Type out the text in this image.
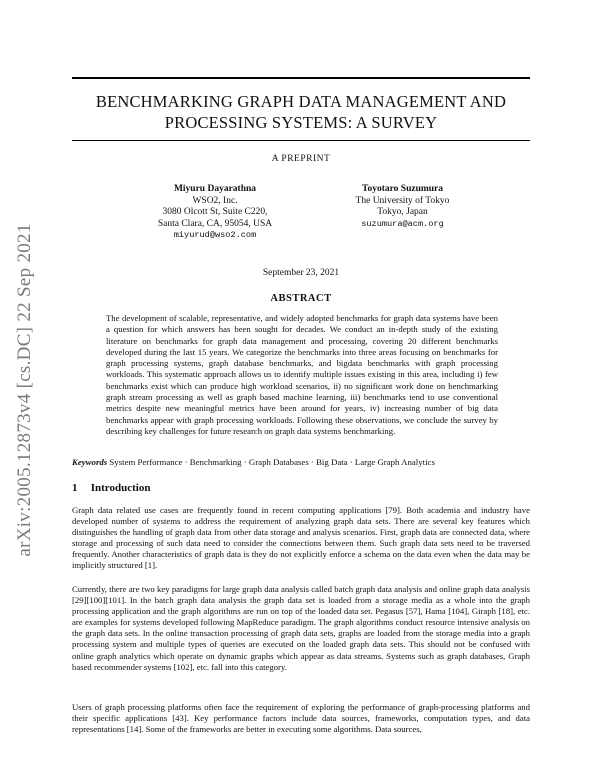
arXiv:2005.12873v4 [cs.DC] 22 Sep 2021
BENCHMARKING GRAPH DATA MANAGEMENT AND
PROCESSING SYSTEMS: A SURVEY
A PREPRINT
Miyuru Dayarathna
WSO2, Inc.
3080 Olcott St, Suite C220,
Santa Clara, CA, 95054, USA
miyurud@wso2.com
Toyotaro Suzumura
The University of Tokyo
Tokyo, Japan
suzumura@acm.org
September 23, 2021
ABSTRACT

The development of scalable, representative, and widely adopted benchmarks for graph data systems have been a question for which answers has been sought for decades. We conduct an in-depth study of the existing literature on benchmarks for graph data management and processing, covering 20 different benchmarks developed during the last 15 years. We categorize the benchmarks into three areas focusing on benchmarks for graph processing systems, graph database benchmarks, and bigdata benchmarks with graph processing workloads. This systematic approach allows us to identify multiple issues existing in this area, including i) few benchmarks exist which can produce high workload scenarios, ii) no significant work done on benchmarking graph stream processing as well as graph based machine learning, iii) benchmarks tend to use conventional metrics despite new meaningful metrics have been around for years, iv) increasing number of big data benchmarks appear with graph processing workloads. Following these observations, we conclude the survey by describing key challenges for future research on graph data systems benchmarking.

Keywords System Performance · Benchmarking · Graph Databases · Big Data · Large Graph Analytics

1 Introduction

Graph data related use cases are frequently found in recent computing applications [79]. Both academia and industry have developed number of systems to address the requirement of analyzing graph data sets. There are several key features which distinguishes the handling of graph data from other data storage and analysis scenarios. First, graph data are connected data, where storage and processing of such data need to consider the connections between them. Such graph data sets need to be traversed frequently. Another characteristics of graph data is they do not explicitly enforce a schema on the data even when the data may be implicitly structured [1].

Currently, there are two key paradigms for large graph data analysis called batch graph data analysis and online graph data analysis [29][100][101]. In the batch graph data analysis the graph data set is loaded from a storage media as a whole into the graph processing application and the graph algorithms are run on top of the loaded data set. Pegasus [57], Hama [104], Giraph [18], etc. are examples for systems developed following MapReduce paradigm. The graph algorithms conduct resource intensive analysis on the graph data sets. In the online transaction processing of graph data sets, graphs are loaded from the storage media into a graph processing system and multiple types of queries are executed on the loaded graph data sets. This should not be confused with online graph analytics which operate on dynamic graphs which appear as data streams. Systems such as graph databases, Graph based recommender systems [102], etc. fall into this category.

Users of graph processing platforms often face the requirement of exploring the performance of graph-processing platforms and their specific applications [43]. Key performance factors include data sources, frameworks, computation types, and data representations [14]. Some of the frameworks are better in executing some algorithms. Data sources,
